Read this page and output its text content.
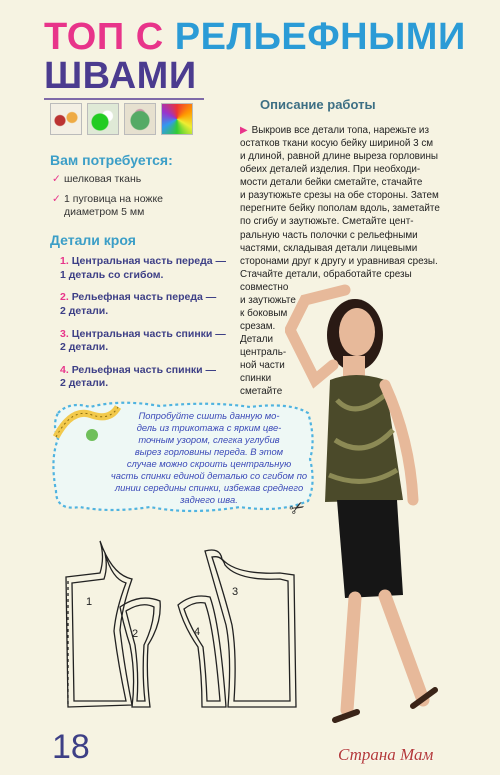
ТОП С РЕЛЬЕФНЫМИ
ШВАМИ
Вам потребуется:
✓ шелковая ткань
✓ 1 пуговица на ножке
диаметром 5 мм
Детали кроя
1. Центральная часть переда —
1 деталь со сгибом.
2. Рельефная часть переда —
2 детали.
3. Центральная часть спинки —
2 детали.
4. Рельефная часть спинки —
2 детали.
Описание работы
▶ Выкроив все детали топа, нарежьте из
остатков ткани косую бейку шириной 3 см
и длиной, равной длине выреза горловины
обеих деталей изделия. При необходи-
мости детали бейки сметайте, стачайте
и разутюжьте срезы на обе стороны. Затем
перегните бейку пополам вдоль, заметайте
по сгибу и заутюжьте. Сметайте цент-
ральную часть полочки с рельефными
частями, складывая детали лицевыми
сторонами друг к другу и уравнивая срезы.
Стачайте детали, обработайте срезы
совместно
и заутюжьте
к боковым
срезам.
Детали
централь-
ной части
спинки
сметайте
Попробуйте сшить данную мо-
дель из трикотажа с ярким цве-
точным узором, слегка углубив
вырез горловины переда. В этом
случае можно скроить центральную
часть спинки единой деталью со сгибом по
линии середины спинки, избежав среднего
заднего шва.	✂
1
2
3
4
18	Страна Мам
